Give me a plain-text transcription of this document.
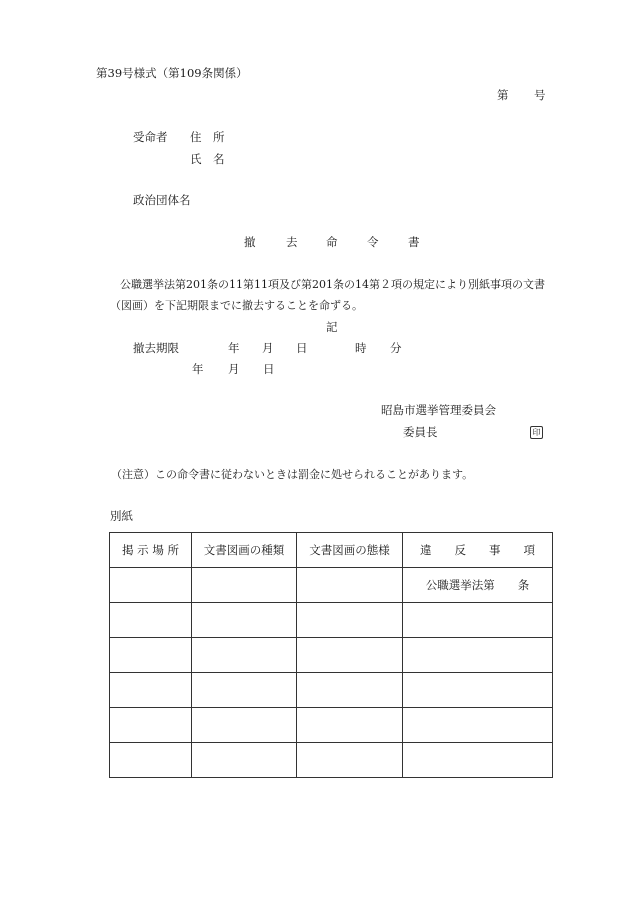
第39号様式（第109条関係）
第 号
受命者 住　所
氏　名
政治団体名
撤	去 命	令	書
公職選挙法第201条の11第11項及び第201条の14第２項の規定により別紙事項の文書
（図画）を下記期限までに撤去することを命ずる。
記
撤去期限	年 月 日	時 分
年 月 日
昭島市選挙管理委員会
委員長	印
（注意）この命令書に従わないときは罰金に処せられることがあります。
別紙
掲 示 場 所	文書図画の種類	文書図画の態様	違　　反　　事　　項
			公職選挙法第　　条
